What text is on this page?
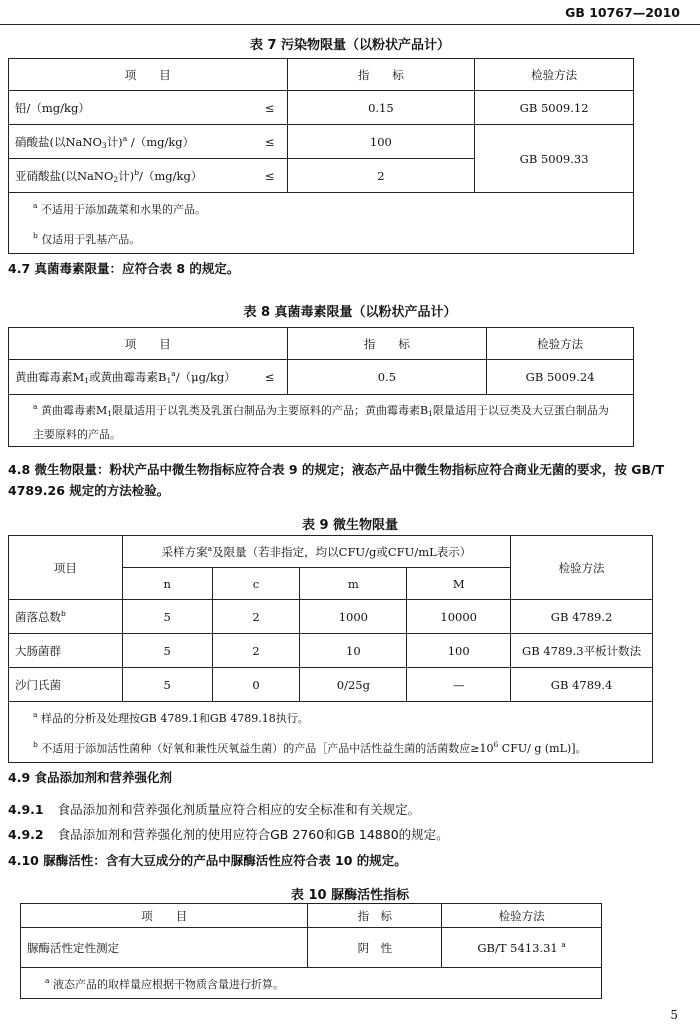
GB 10767—2010
表 7 污染物限量（以粉状产品计）
项　　目	指　　标	检验方法
铅/（mg/kg） ≤	0.15	GB 5009.12
硝酸盐(以NaNO$_3$计)$^a$ /（mg/kg） ≤	100	GB 5009.33
亚硝酸盐(以NaNO$_2$计)$^b$/（mg/kg） ≤	2	

$^a$ 不适用于添加蔬菜和水果的产品。
$^b$ 仅适用于乳基产品。		
4.7 真菌毒素限量：应符合表 8 的规定。
表 8 真菌毒素限量（以粉状产品计）
项　　目	指　　标	检验方法
黄曲霉毒素$M_1$或黄曲霉毒素$B_1^a/(\mu g/kg)$ ≤	0.5	GB 5009.24
$^a$ 黄曲霉毒素$M_1$限量适用于以乳类及乳蛋白制品为主要原料的产品；黄曲霉毒素$B_1$限量适用于以豆类及大豆蛋白制品为主要原料的产品。		
4.8 微生物限量：粉状产品中微生物指标应符合表 9 的规定；液态产品中微生物指标应符合商业无菌的要求，按 GB/T 4789.26 规定的方法检验。
表 9 微生物限量
项目	采样方案$^a$及限量（若非指定，均以CFU/g或CFU/mL表示）				检验方法
	n	c	m	M	
菌落总数$^b$	5	2	1000	10000	GB 4789.2
大肠菌群	5	2	10	100	GB 4789.3平板计数法
沙门氏菌	5	0	0/25g	—	GB 4789.4

$^a$ 样品的分析及处理按GB 4789.1和GB 4789.18执行。
$^b$ 不适用于添加活性菌种（好氧和兼性厌氧益生菌）的产品［产品中活性益生菌的活菌数应$\ge 10^6$ CFU/ g (mL)]。					
4.9 食品添加剂和营养强化剂
4.9.1 食品添加剂和营养强化剂质量应符合相应的安全标准和有关规定。
4.9.2 食品添加剂和营养强化剂的使用应符合GB 2760和GB 14880的规定。
4.10 脲酶活性：含有大豆成分的产品中脲酶活性应符合表 10 的规定。
表 10 脲酶活性指标
项　　目	指　标	检验方法
脲酶活性定性测定	阴　性	GB/T 5413.31 $^a$
$^a$ 液态产品的取样量应根据干物质含量进行折算。		
5
